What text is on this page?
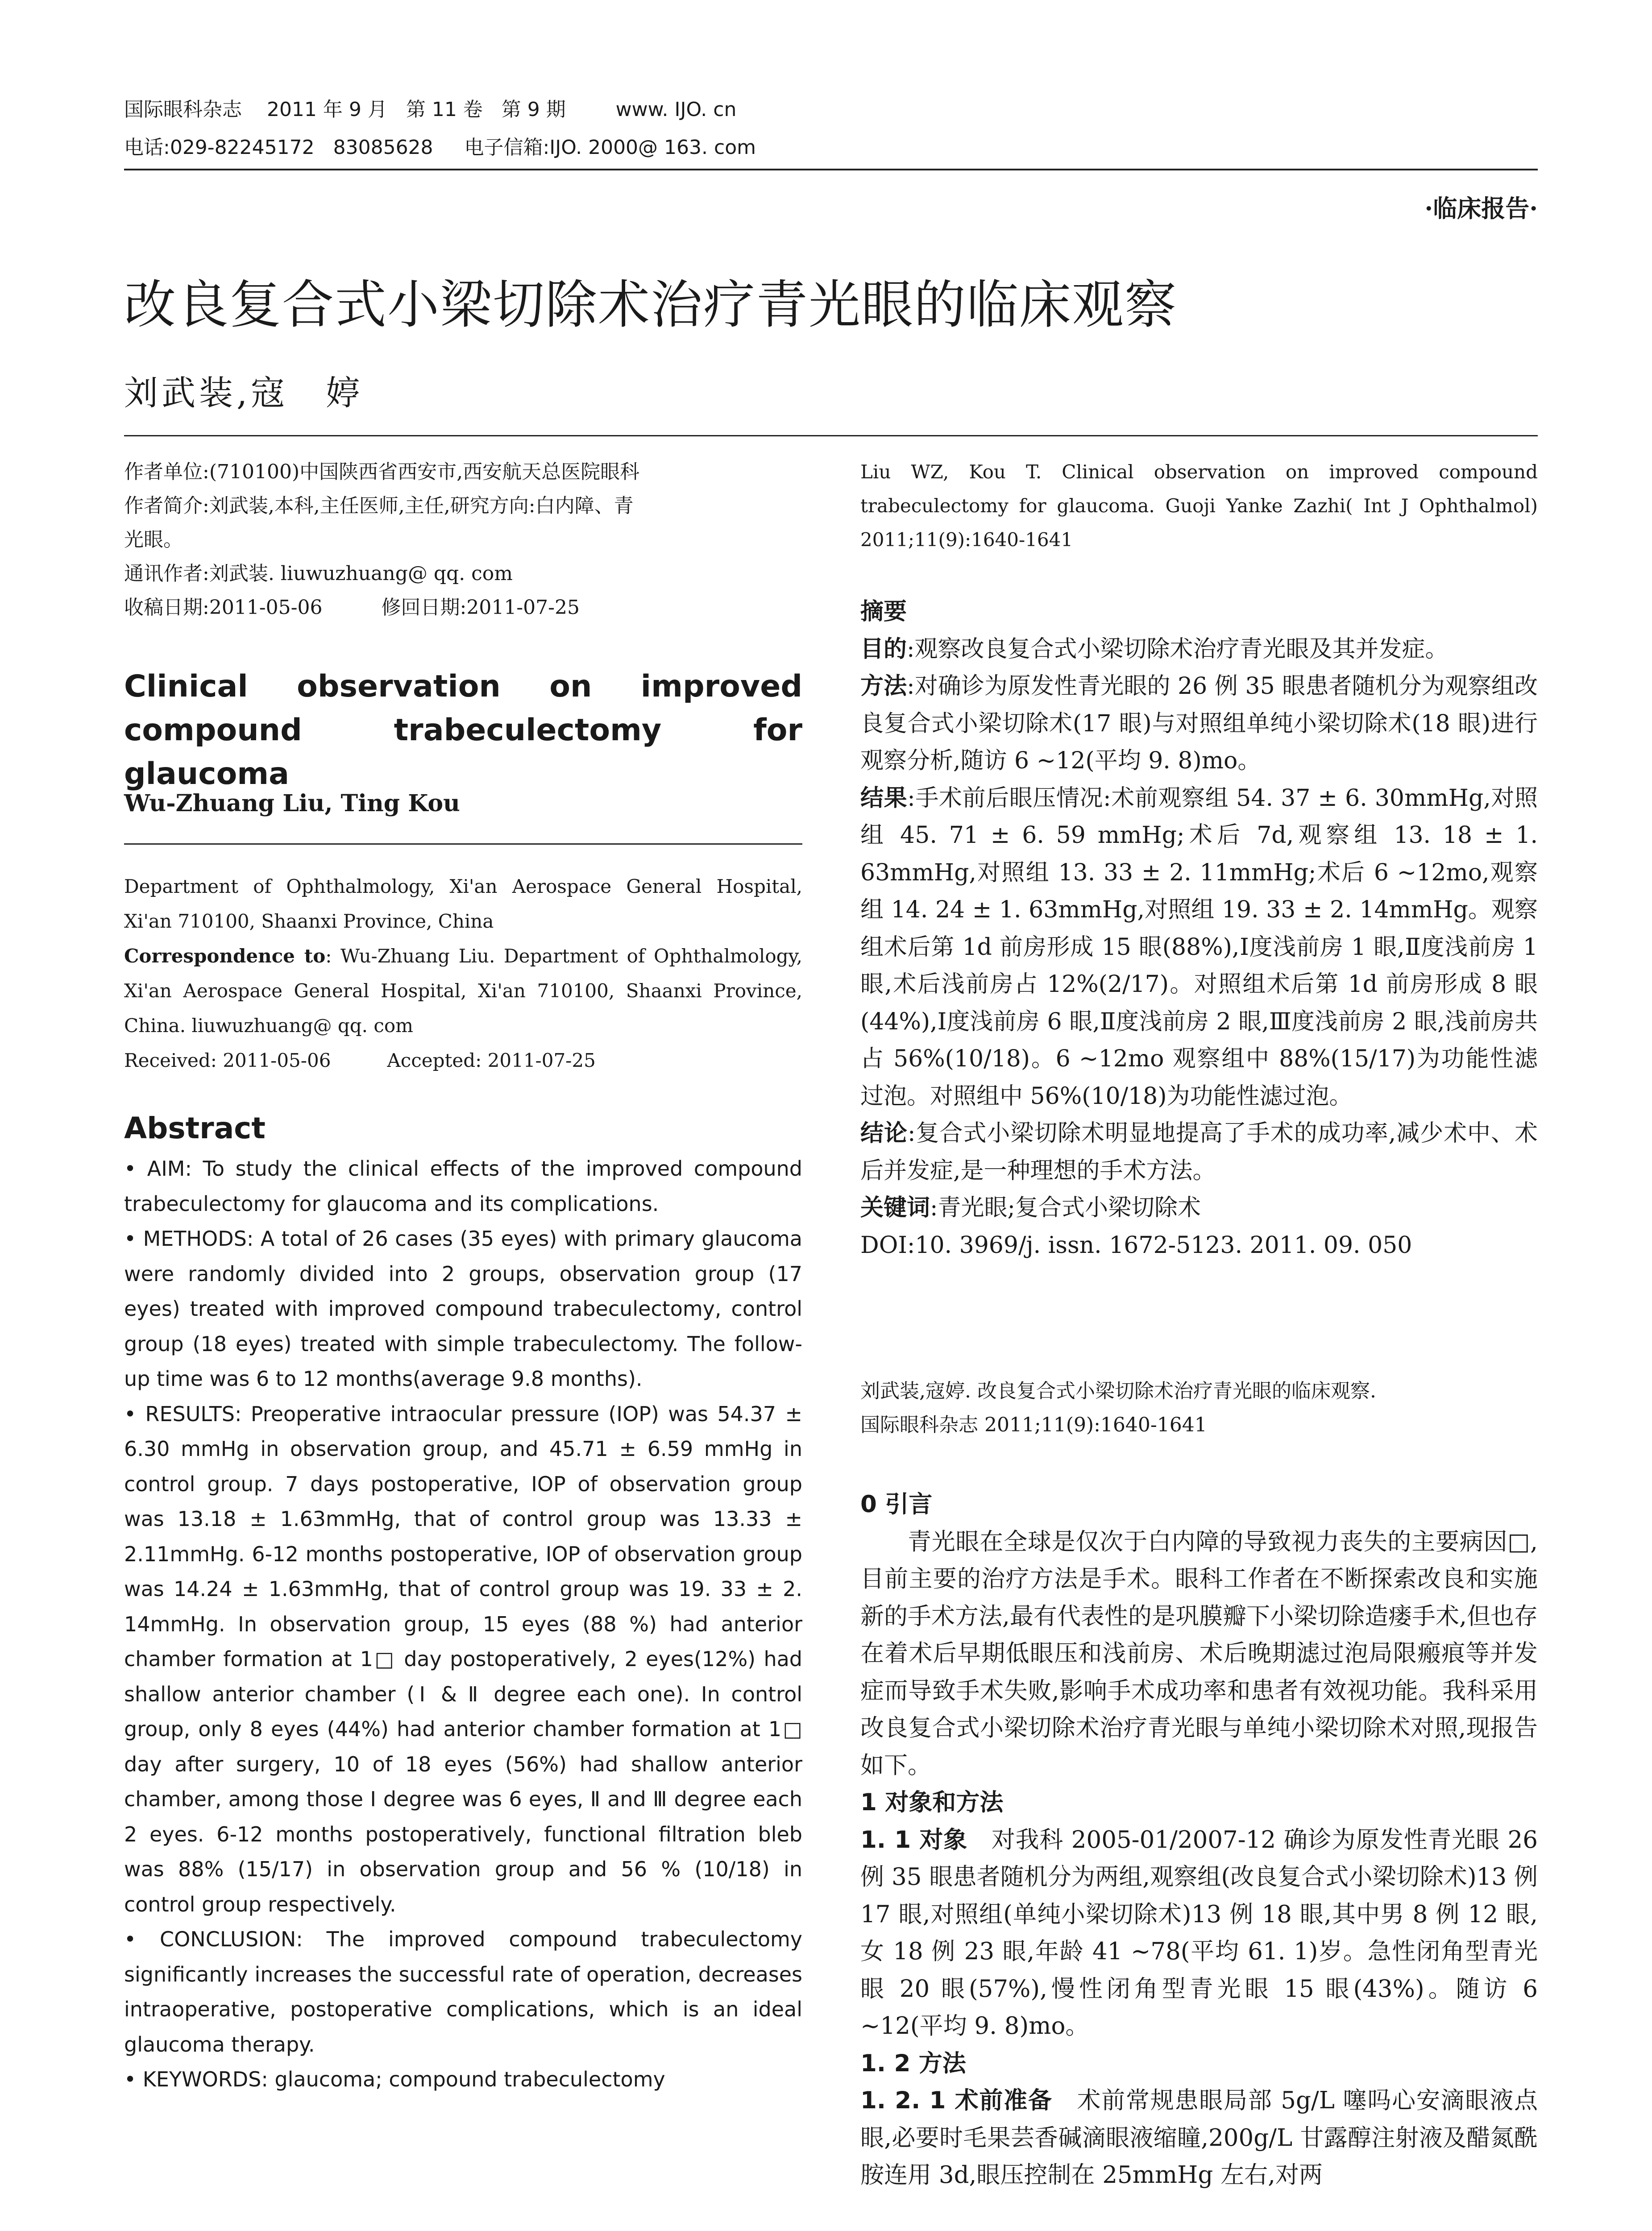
国际眼科杂志    2011 年 9 月   第 11 卷   第 9 期        www. IJO. cn
电话:029-82245172   83085628     电子信箱:IJO. 2000@ 163. com
·临床报告·
改良复合式小梁切除术治疗青光眼的临床观察
刘武装,寇　婷
作者单位:(710100)中国陕西省西安市,西安航天总医院眼科
作者简介:刘武装,本科,主任医师,主任,研究方向:白内障、青
光眼。
通讯作者:刘武装. liuwuzhuang@ qq. com
收稿日期:2011-05-06　　　修回日期:2011-07-25
Clinical observation on improved compound trabeculectomy for glaucoma
Wu-Zhuang Liu, Ting Kou

Department of Ophthalmology, Xi'an Aerospace General Hospital, Xi'an 710100, Shaanxi Province, China

Correspondence to: Wu-Zhuang Liu. Department of Ophthalmology, Xi'an Aerospace General Hospital, Xi'an 710100, Shaanxi Province, China. liuwuzhuang@ qq. com

Received: 2011-05-06　　　Accepted: 2011-07-25

Abstract

• AIM: To study the clinical effects of the improved compound trabeculectomy for glaucoma and its complications.

• METHODS: A total of 26 cases (35 eyes) with primary glaucoma were randomly divided into 2 groups, observation group (17 eyes) treated with improved compound trabeculectomy, control group (18 eyes) treated with simple trabeculectomy. The follow-up time was 6 to 12 months(average 9.8 months).

• RESULTS: Preoperative intraocular pressure (IOP) was 54.37 ± 6.30 mmHg in observation group, and 45.71 ± 6.59 mmHg in control group. 7 days postoperative, IOP of observation group was 13.18 ± 1.63mmHg, that of control group was 13.33 ± 2.11mmHg. 6-12 months postoperative, IOP of observation group was 14.24 ± 1.63mmHg, that of control group was 19. 33 ± 2. 14mmHg. In observation group, 15 eyes (88 %) had anterior chamber formation at 1□ day postoperatively, 2 eyes(12%) had shallow anterior chamber (Ⅰ & Ⅱ degree each one). In control group, only 8 eyes (44%) had anterior chamber formation at 1□ day after surgery, 10 of 18 eyes (56%) had shallow anterior chamber, among those Ⅰ degree was 6 eyes, Ⅱ and Ⅲ degree each 2 eyes. 6-12 months postoperatively, functional filtration bleb was 88% (15/17) in observation group and 56 % (10/18) in control group respectively.

• CONCLUSION: The improved compound trabeculectomy significantly increases the successful rate of operation, decreases intraoperative, postoperative complications, which is an ideal glaucoma therapy.

• KEYWORDS: glaucoma; compound trabeculectomy

Liu WZ, Kou T. Clinical observation on improved compound trabeculectomy for glaucoma. Guoji Yanke Zazhi( Int J Ophthalmol) 2011;11(9):1640-1641

摘要

目的:观察改良复合式小梁切除术治疗青光眼及其并发症。

方法:对确诊为原发性青光眼的 26 例 35 眼患者随机分为观察组改良复合式小梁切除术(17 眼)与对照组单纯小梁切除术(18 眼)进行观察分析,随访 6 ~12(平均 9. 8)mo。

结果:手术前后眼压情况:术前观察组 54. 37 ± 6. 30mmHg,对照组 45. 71 ± 6. 59 mmHg;术后 7d,观察组 13. 18 ± 1. 63mmHg,对照组 13. 33 ± 2. 11mmHg;术后 6 ~12mo,观察组 14. 24 ± 1. 63mmHg,对照组 19. 33 ± 2. 14mmHg。观察组术后第 1d 前房形成 15 眼(88%),Ⅰ度浅前房 1 眼,Ⅱ度浅前房 1 眼,术后浅前房占 12%(2/17)。对照组术后第 1d 前房形成 8 眼(44%),Ⅰ度浅前房 6 眼,Ⅱ度浅前房 2 眼,Ⅲ度浅前房 2 眼,浅前房共占 56%(10/18)。6 ~12mo 观察组中 88%(15/17)为功能性滤过泡。对照组中 56%(10/18)为功能性滤过泡。

结论:复合式小梁切除术明显地提高了手术的成功率,减少术中、术后并发症,是一种理想的手术方法。

关键词:青光眼;复合式小梁切除术

DOI:10. 3969/j. issn. 1672-5123. 2011. 09. 050

刘武装,寇婷. 改良复合式小梁切除术治疗青光眼的临床观察.

国际眼科杂志 2011;11(9):1640-1641

0 引言

青光眼在全球是仅次于白内障的导致视力丧失的主要病因□,目前主要的治疗方法是手术。眼科工作者在不断探索改良和实施新的手术方法,最有代表性的是巩膜瓣下小梁切除造瘘手术,但也存在着术后早期低眼压和浅前房、术后晚期滤过泡局限瘢痕等并发症而导致手术失败,影响手术成功率和患者有效视功能。我科采用改良复合式小梁切除术治疗青光眼与单纯小梁切除术对照,现报告如下。

1 对象和方法

1. 1 对象　对我科 2005-01/2007-12 确诊为原发性青光眼 26 例 35 眼患者随机分为两组,观察组(改良复合式小梁切除术)13 例 17 眼,对照组(单纯小梁切除术)13 例 18 眼,其中男 8 例 12 眼,女 18 例 23 眼,年龄 41 ~78(平均 61. 1)岁。急性闭角型青光眼 20 眼(57%),慢性闭角型青光眼 15 眼(43%)。随访 6 ~12(平均 9. 8)mo。

1. 2 方法

1. 2. 1 术前准备　术前常规患眼局部 5g/L 噻吗心安滴眼液点眼,必要时毛果芸香碱滴眼液缩瞳,200g/L 甘露醇注射液及醋氮酰胺连用 3d,眼压控制在 25mmHg 左右,对两
